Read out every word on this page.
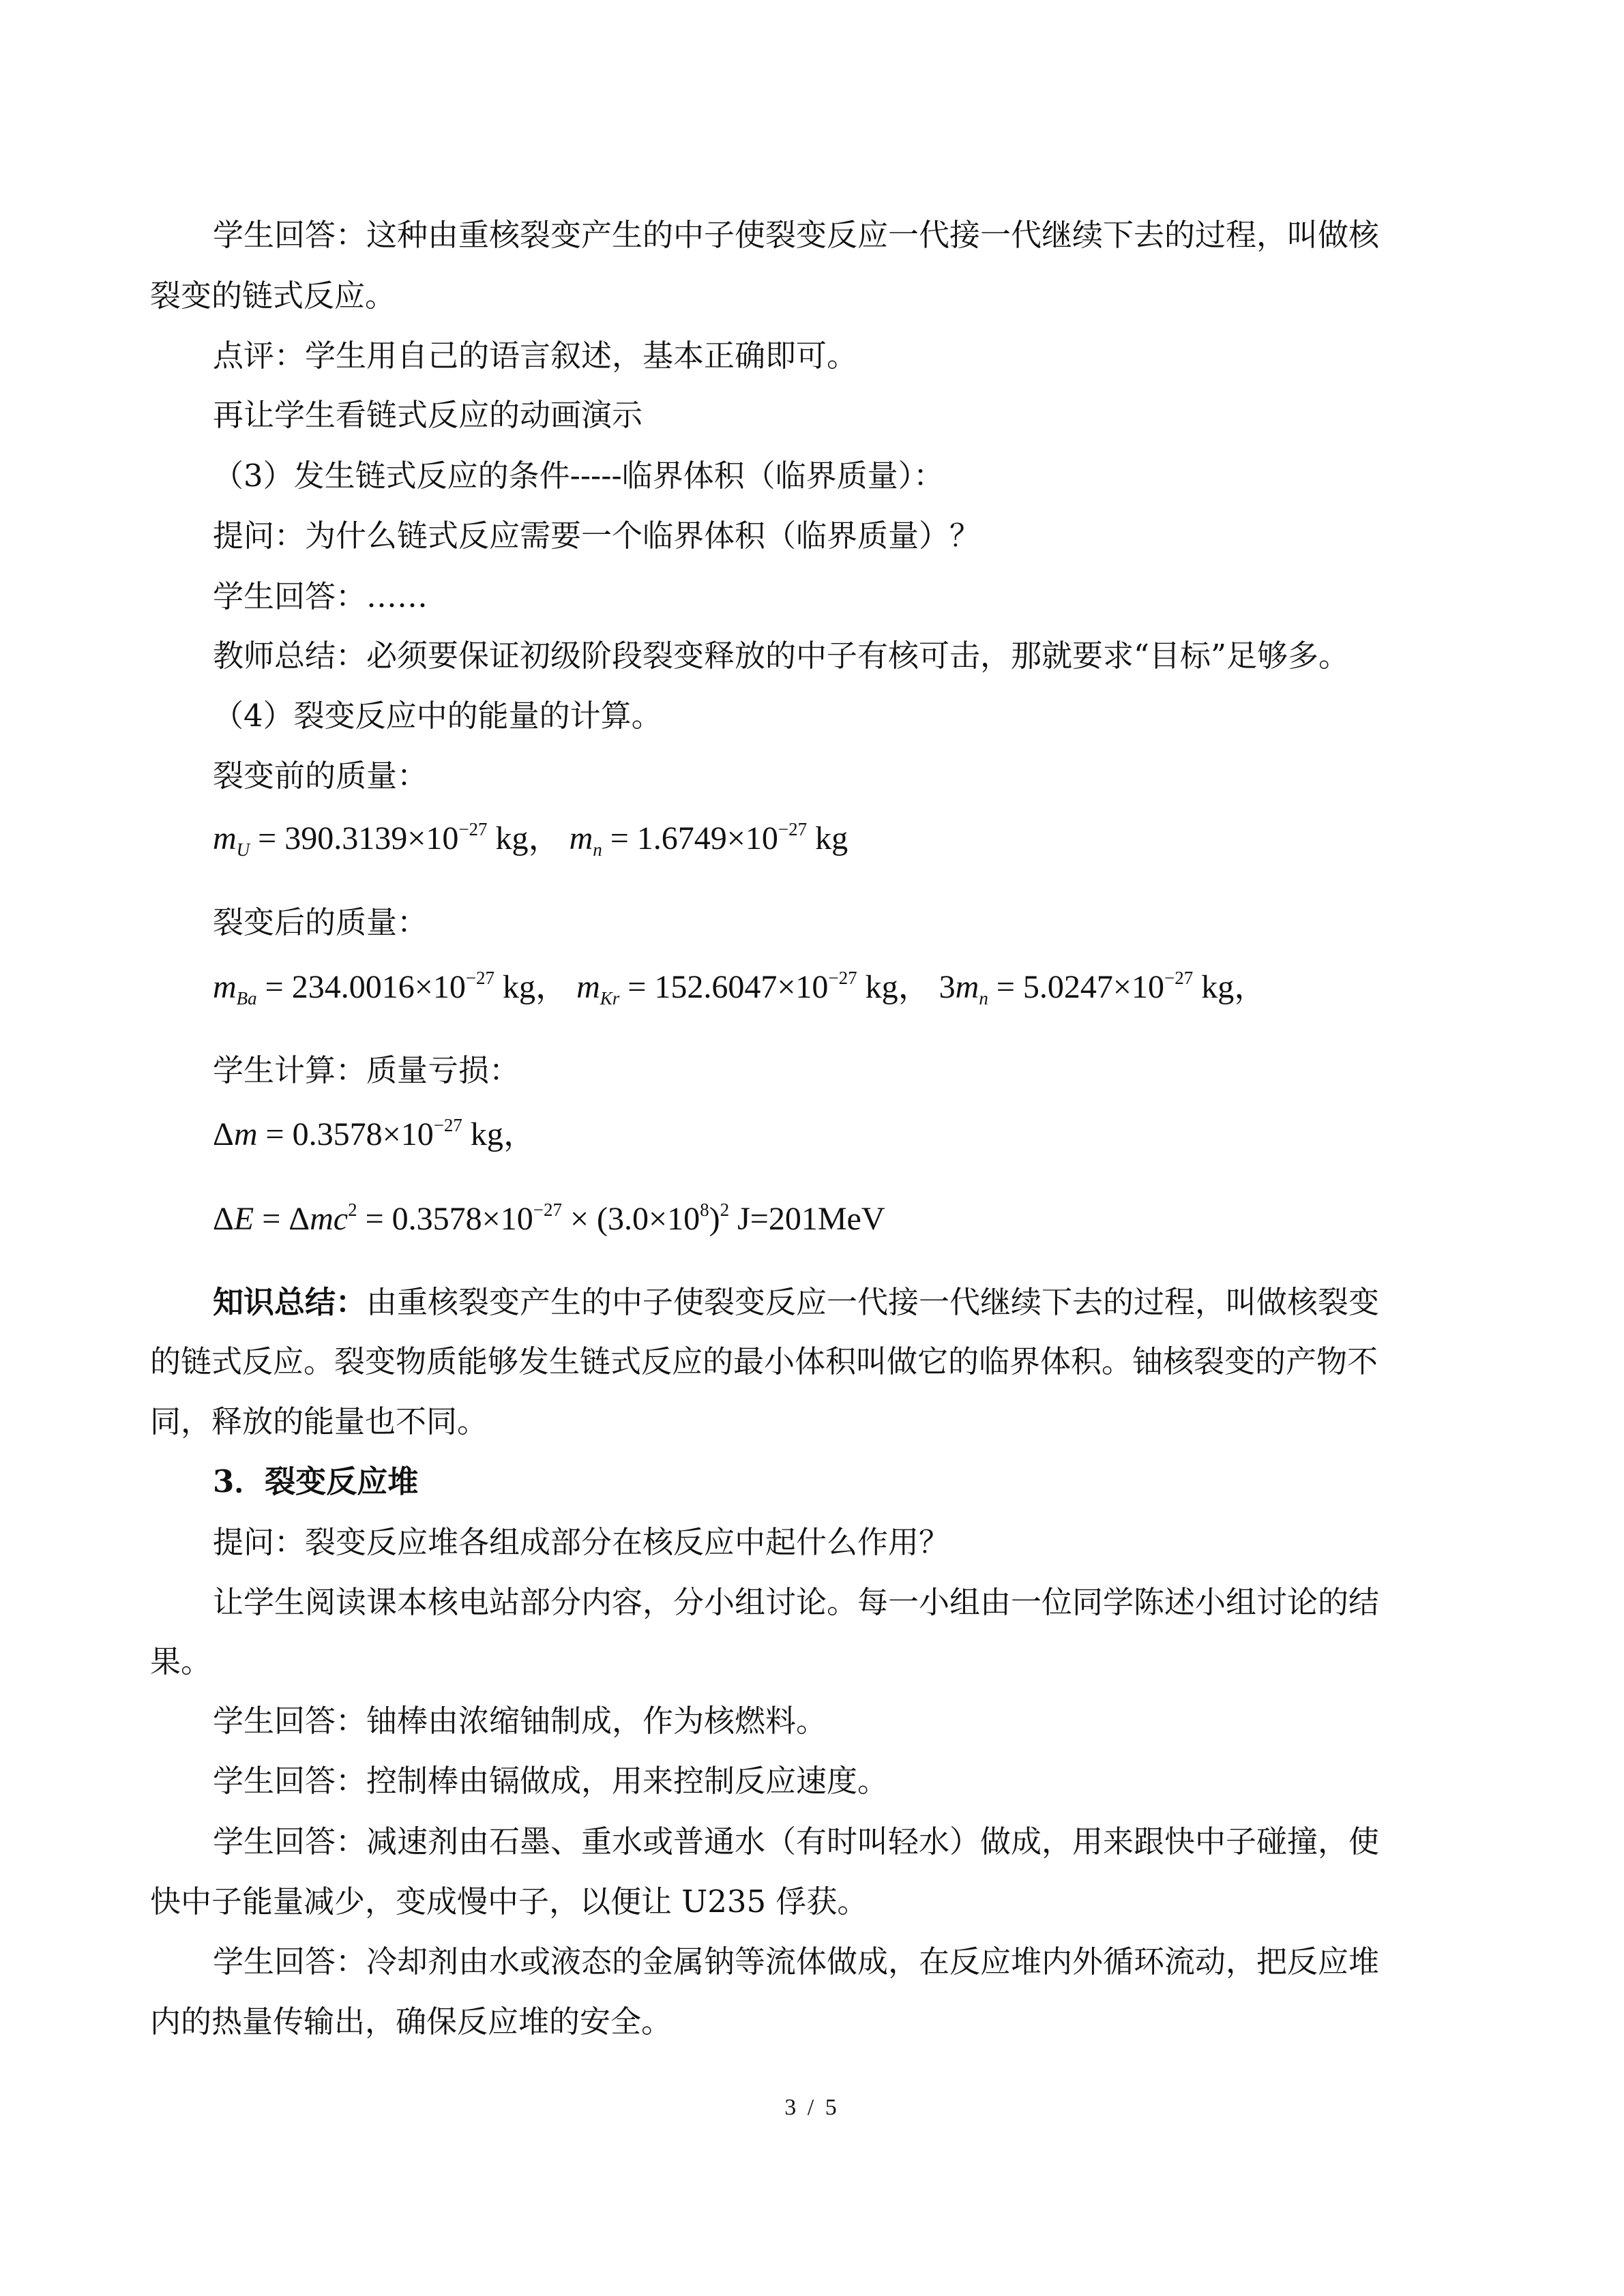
学生回答：这种由重核裂变产生的中子使裂变反应一代接一代继续下去的过程，叫做核
裂变的链式反应。
点评：学生用自己的语言叙述，基本正确即可。
再让学生看链式反应的动画演示
（3）发生链式反应的条件-----临界体积（临界质量）：
提问：为什么链式反应需要一个临界体积（临界质量）？
学生回答：……
教师总结：必须要保证初级阶段裂变释放的中子有核可击，那就要求“目标”足够多。
（4）裂变反应中的能量的计算。
裂变前的质量：
$m_U = 390.3139\times 10^{-27}$ kg， $m_n = 1.6749\times 10^{-27}$ kg
裂变后的质量：
$m_{Ba} = 234.0016\times 10^{-27}$ kg， $m_{Kr} = 152.6047\times 10^{-27}$ kg， $3m_n = 5.0247\times 10^{-27}$ kg，
学生计算：质量亏损：
$\Delta m = 0.3578\times 10^{-27}$ kg，
$\Delta E = \Delta mc^2 = 0.3578\times 10^{-27} \times (3.0\times 10^8)^2$ J=201MeV
知识总结：由重核裂变产生的中子使裂变反应一代接一代继续下去的过程，叫做核裂变
的链式反应。裂变物质能够发生链式反应的最小体积叫做它的临界体积。铀核裂变的产物不
同，释放的能量也不同。
3．裂变反应堆
提问：裂变反应堆各组成部分在核反应中起什么作用？
让学生阅读课本核电站部分内容，分小组讨论。每一小组由一位同学陈述小组讨论的结
果。
学生回答：铀棒由浓缩铀制成，作为核燃料。
学生回答：控制棒由镉做成，用来控制反应速度。
学生回答：减速剂由石墨、重水或普通水（有时叫轻水）做成，用来跟快中子碰撞，使
快中子能量减少，变成慢中子，以便让 U235 俘获。
学生回答：冷却剂由水或液态的金属钠等流体做成，在反应堆内外循环流动，把反应堆
内的热量传输出，确保反应堆的安全。
3 / 5
